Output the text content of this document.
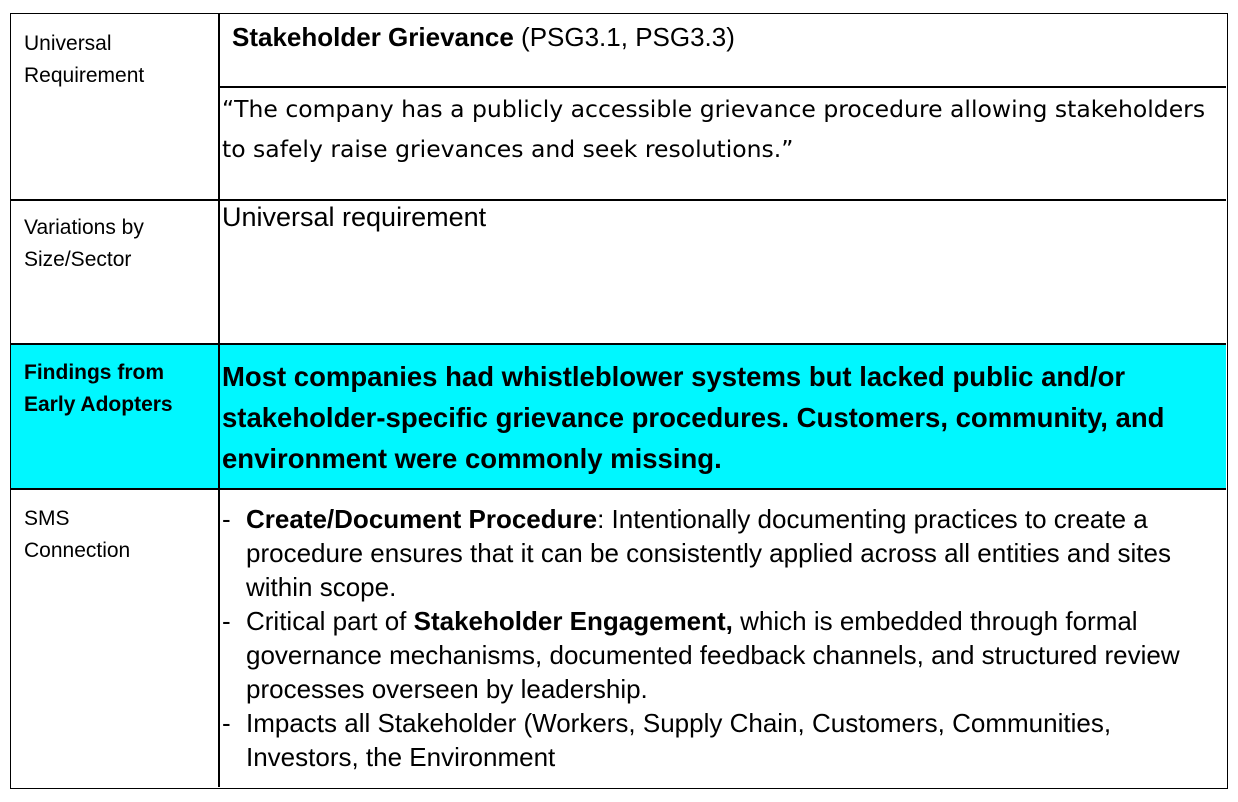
Universal
Requirement
Variations by
Size/Sector
Findings from
Early Adopters
SMS
Connection
Stakeholder Grievance (PSG3.1, PSG3.3)
“The company has a publicly accessible grievance procedure allowing stakeholders to safely raise grievances and seek resolutions.”
Universal requirement
Most companies had whistleblower systems but lacked public and/or stakeholder-specific grievance procedures. Customers, community, and environment were commonly missing.
- Create/Document Procedure: Intentionally documenting practices to create a procedure ensures that it can be consistently applied across all entities and sites within scope.
- Critical part of Stakeholder Engagement, which is embedded through formal governance mechanisms, documented feedback channels, and structured review processes overseen by leadership.
- Impacts all Stakeholder (Workers, Supply Chain, Customers, Communities, Investors, the Environment
